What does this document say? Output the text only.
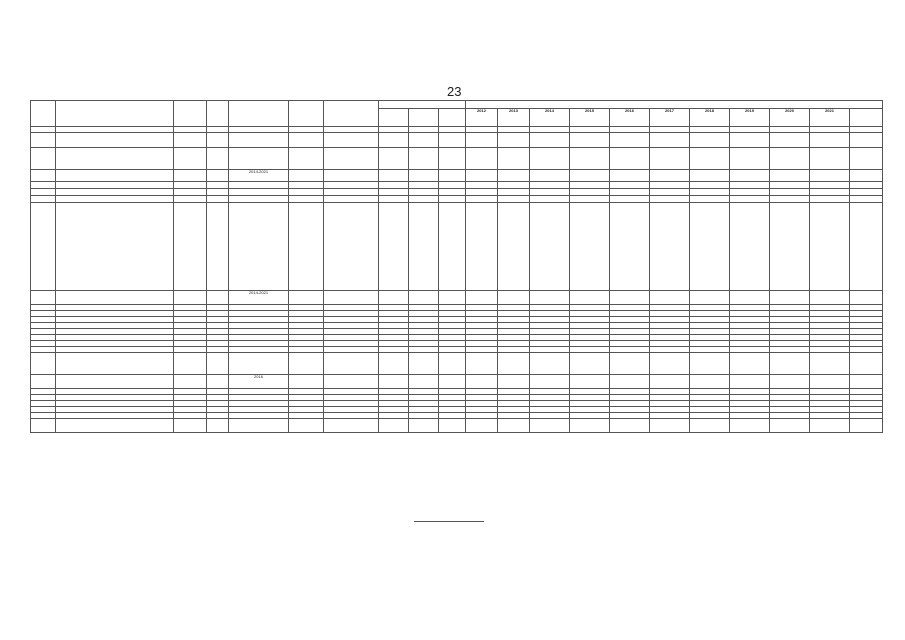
23

										2012	2013	2014	2015	2016	2017	2018	2019	2020	2021	

				2014-2021																

				2014-2021																

				2016																
